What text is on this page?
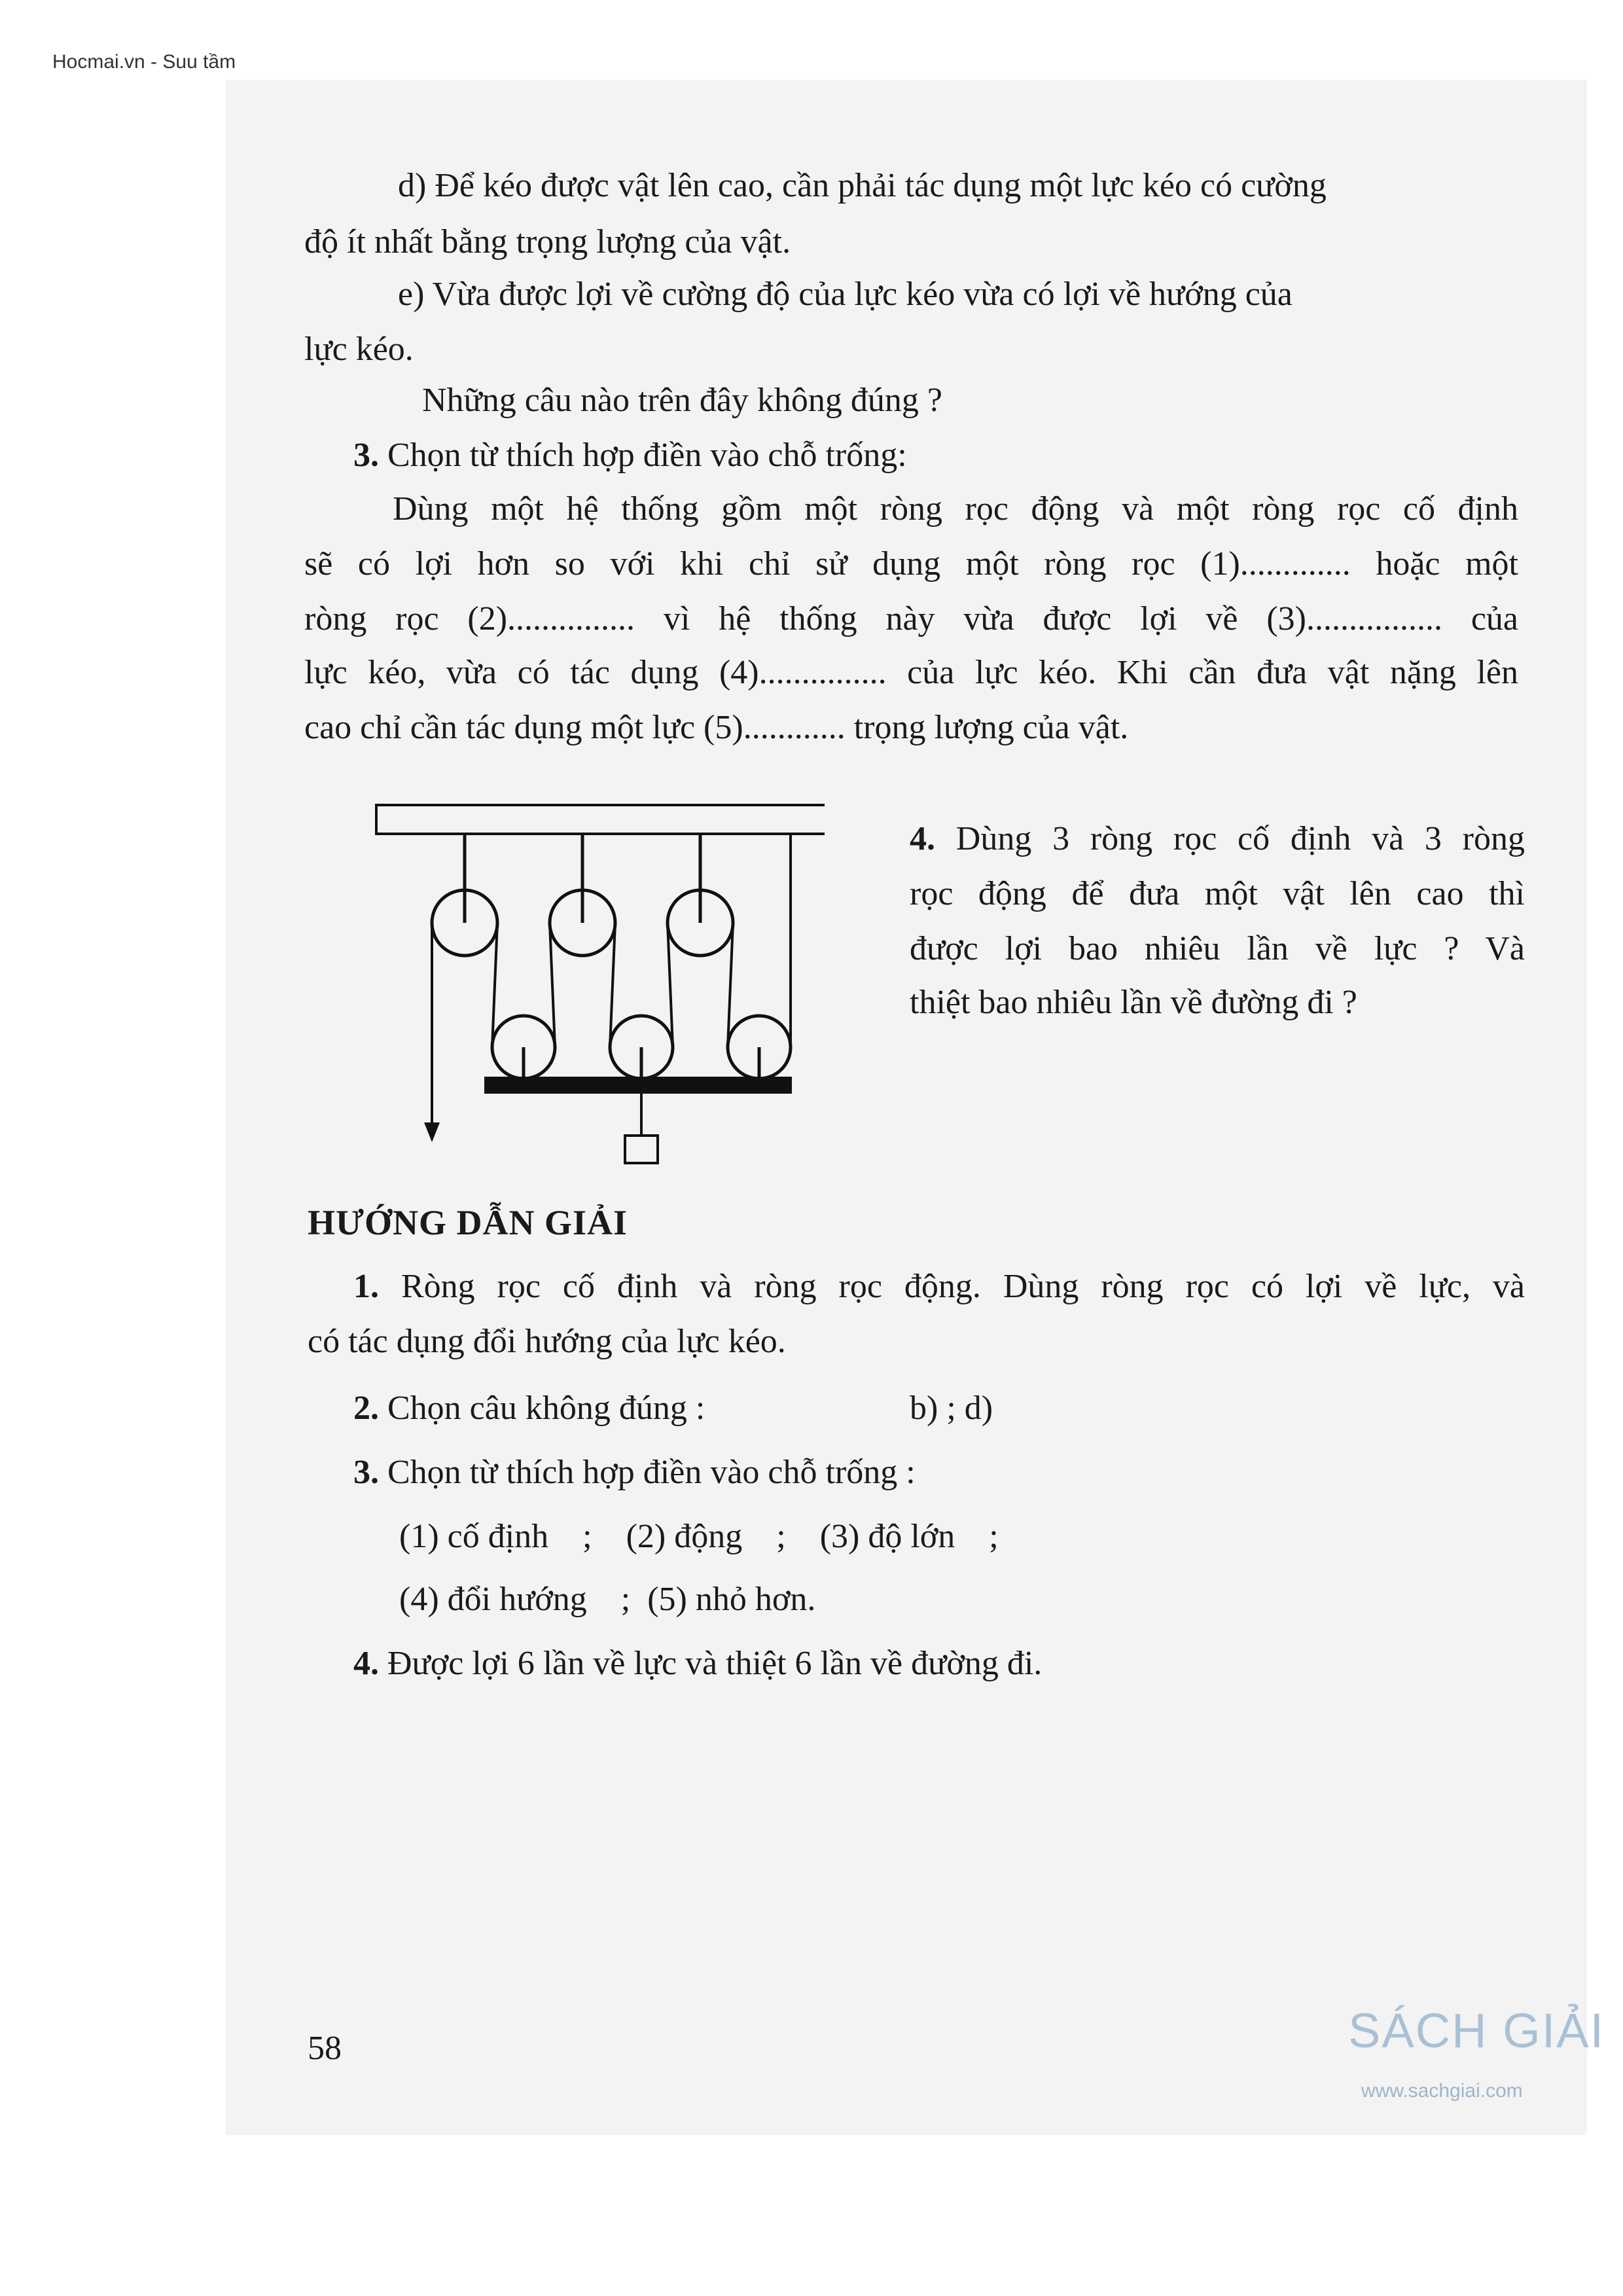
Hocmai.vn - Suu tầm
d) Để kéo được vật lên cao, cần phải tác dụng một lực kéo có cường
độ ít nhất bằng trọng lượng của vật.
e) Vừa được lợi về cường độ của lực kéo vừa có lợi về hướng của
lực kéo.
Những câu nào trên đây không đúng ?
3. Chọn từ thích hợp điền vào chỗ trống:
Dùng một hệ thống gồm một ròng rọc động và một ròng rọc cố định
sẽ có lợi hơn so với khi chỉ sử dụng một ròng rọc (1)............. hoặc một
ròng rọc (2)............... vì hệ thống này vừa được lợi về (3)................ của
lực kéo, vừa có tác dụng (4)............... của lực kéo. Khi cần đưa vật nặng lên
cao chỉ cần tác dụng một lực (5)............ trọng lượng của vật.
4. Dùng 3 ròng rọc cố định và 3 ròng
rọc động để đưa một vật lên cao thì
được lợi bao nhiêu lần về lực ? Và
thiệt bao nhiêu lần về đường đi ?
HƯỚNG DẪN GIẢI
1. Ròng rọc cố định và ròng rọc động. Dùng ròng rọc có lợi về lực, và
có tác dụng đổi hướng của lực kéo.
2. Chọn câu không đúng :	b) ; d)
3. Chọn từ thích hợp điền vào chỗ trống :
(1) cố định    ;    (2) động    ;    (3) độ lớn    ;
(4) đổi hướng    ;  (5) nhỏ hơn.
4. Được lợi 6 lần về lực và thiệt 6 lần về đường đi.
58	SÁCH GIẢI
www.sachgiai.com
